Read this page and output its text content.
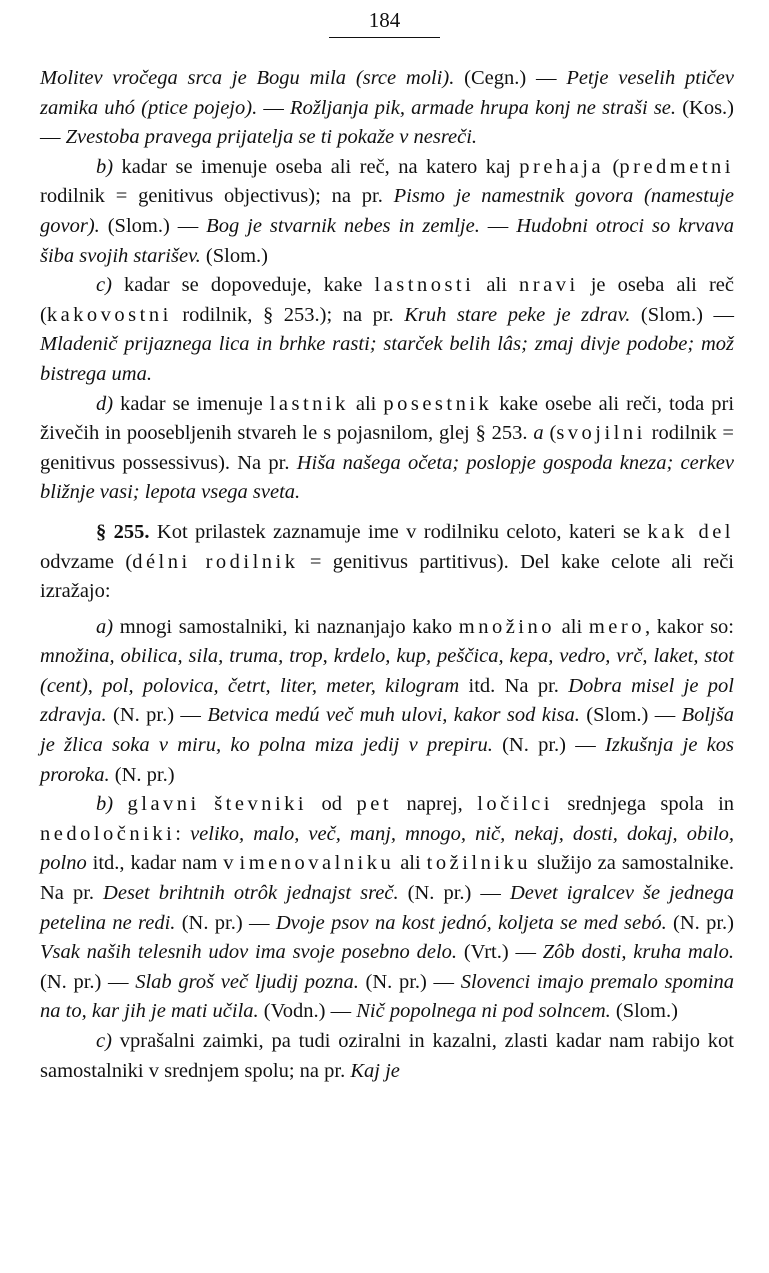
184

Molitev vročega srca je Bogu mila (srce moli). (Cegn.) — Petje veselih ptičev zamika uhó (ptice pojejo). — Rožljanja pik, armade hrupa konj ne straši se. (Kos.) — Zvestoba pravega prijatelja se ti pokaže v nesreči.

b) kadar se imenuje oseba ali reč, na katero kaj prehaja (predmetni rodilnik = genitivus objectivus); na pr. Pismo je namestnik govora (namestuje govor). (Slom.) — Bog je stvarnik nebes in zemlje. — Hudobni otroci so krvava šiba svojih starišev. (Slom.)

c) kadar se dopoveduje, kake lastnosti ali nravi je oseba ali reč (kakovostni rodilnik, § 253.); na pr. Kruh stare peke je zdrav. (Slom.) — Mladenič prijaznega lica in brhke rasti; starček belih lâs; zmaj divje podobe; mož bistrega uma.

d) kadar se imenuje lastnik ali posestnik kake osebe ali reči, toda pri živečih in poosebljenih stvareh le s pojasnilom, glej § 253. a (svojilni rodilnik = genitivus possessivus). Na pr. Hiša našega očeta; poslopje gospoda kneza; cerkev bližnje vasi; lepota vsega sveta.

§ 255. Kot prilastek zaznamuje ime v rodilniku celoto, kateri se kak del odvzame (délni rodilnik = genitivus partitivus). Del kake celote ali reči izražajo:

a) mnogi samostalniki, ki naznanjajo kako množino ali mero, kakor so: množina, obilica, sila, truma, trop, krdelo, kup, peščica, kepa, vedro, vrč, laket, stot (cent), pol, polovica, četrt, liter, meter, kilogram itd. Na pr. Dobra misel je pol zdravja. (N. pr.) — Betvica medú več muh ulovi, kakor sod kisa. (Slom.) — Boljša je žlica soka v miru, ko polna miza jedij v prepiru. (N. pr.) — Izkušnja je kos proroka. (N. pr.)

b) glavni števniki od pet naprej, ločilci srednjega spola in nedoločniki: veliko, malo, več, manj, mnogo, nič, nekaj, dosti, dokaj, obilo, polno itd., kadar nam v imenovalniku ali tožilniku služijo za samostalnike. Na pr. Deset brihtnih otrôk jednajst sreč. (N. pr.) — Devet igralcev še jednega petelina ne redi. (N. pr.) — Dvoje psov na kost jednó, koljeta se med sebó. (N. pr.) Vsak naših telesnih udov ima svoje posebno delo. (Vrt.) — Zôb dosti, kruha malo. (N. pr.) — Slab groš več ljudij pozna. (N. pr.) — Slovenci imajo premalo spomina na to, kar jih je mati učila. (Vodn.) — Nič popolnega ni pod solncem. (Slom.)

c) vprašalni zaimki, pa tudi oziralni in kazalni, zlasti kadar nam rabijo kot samostalniki v srednjem spolu; na pr. Kaj je
